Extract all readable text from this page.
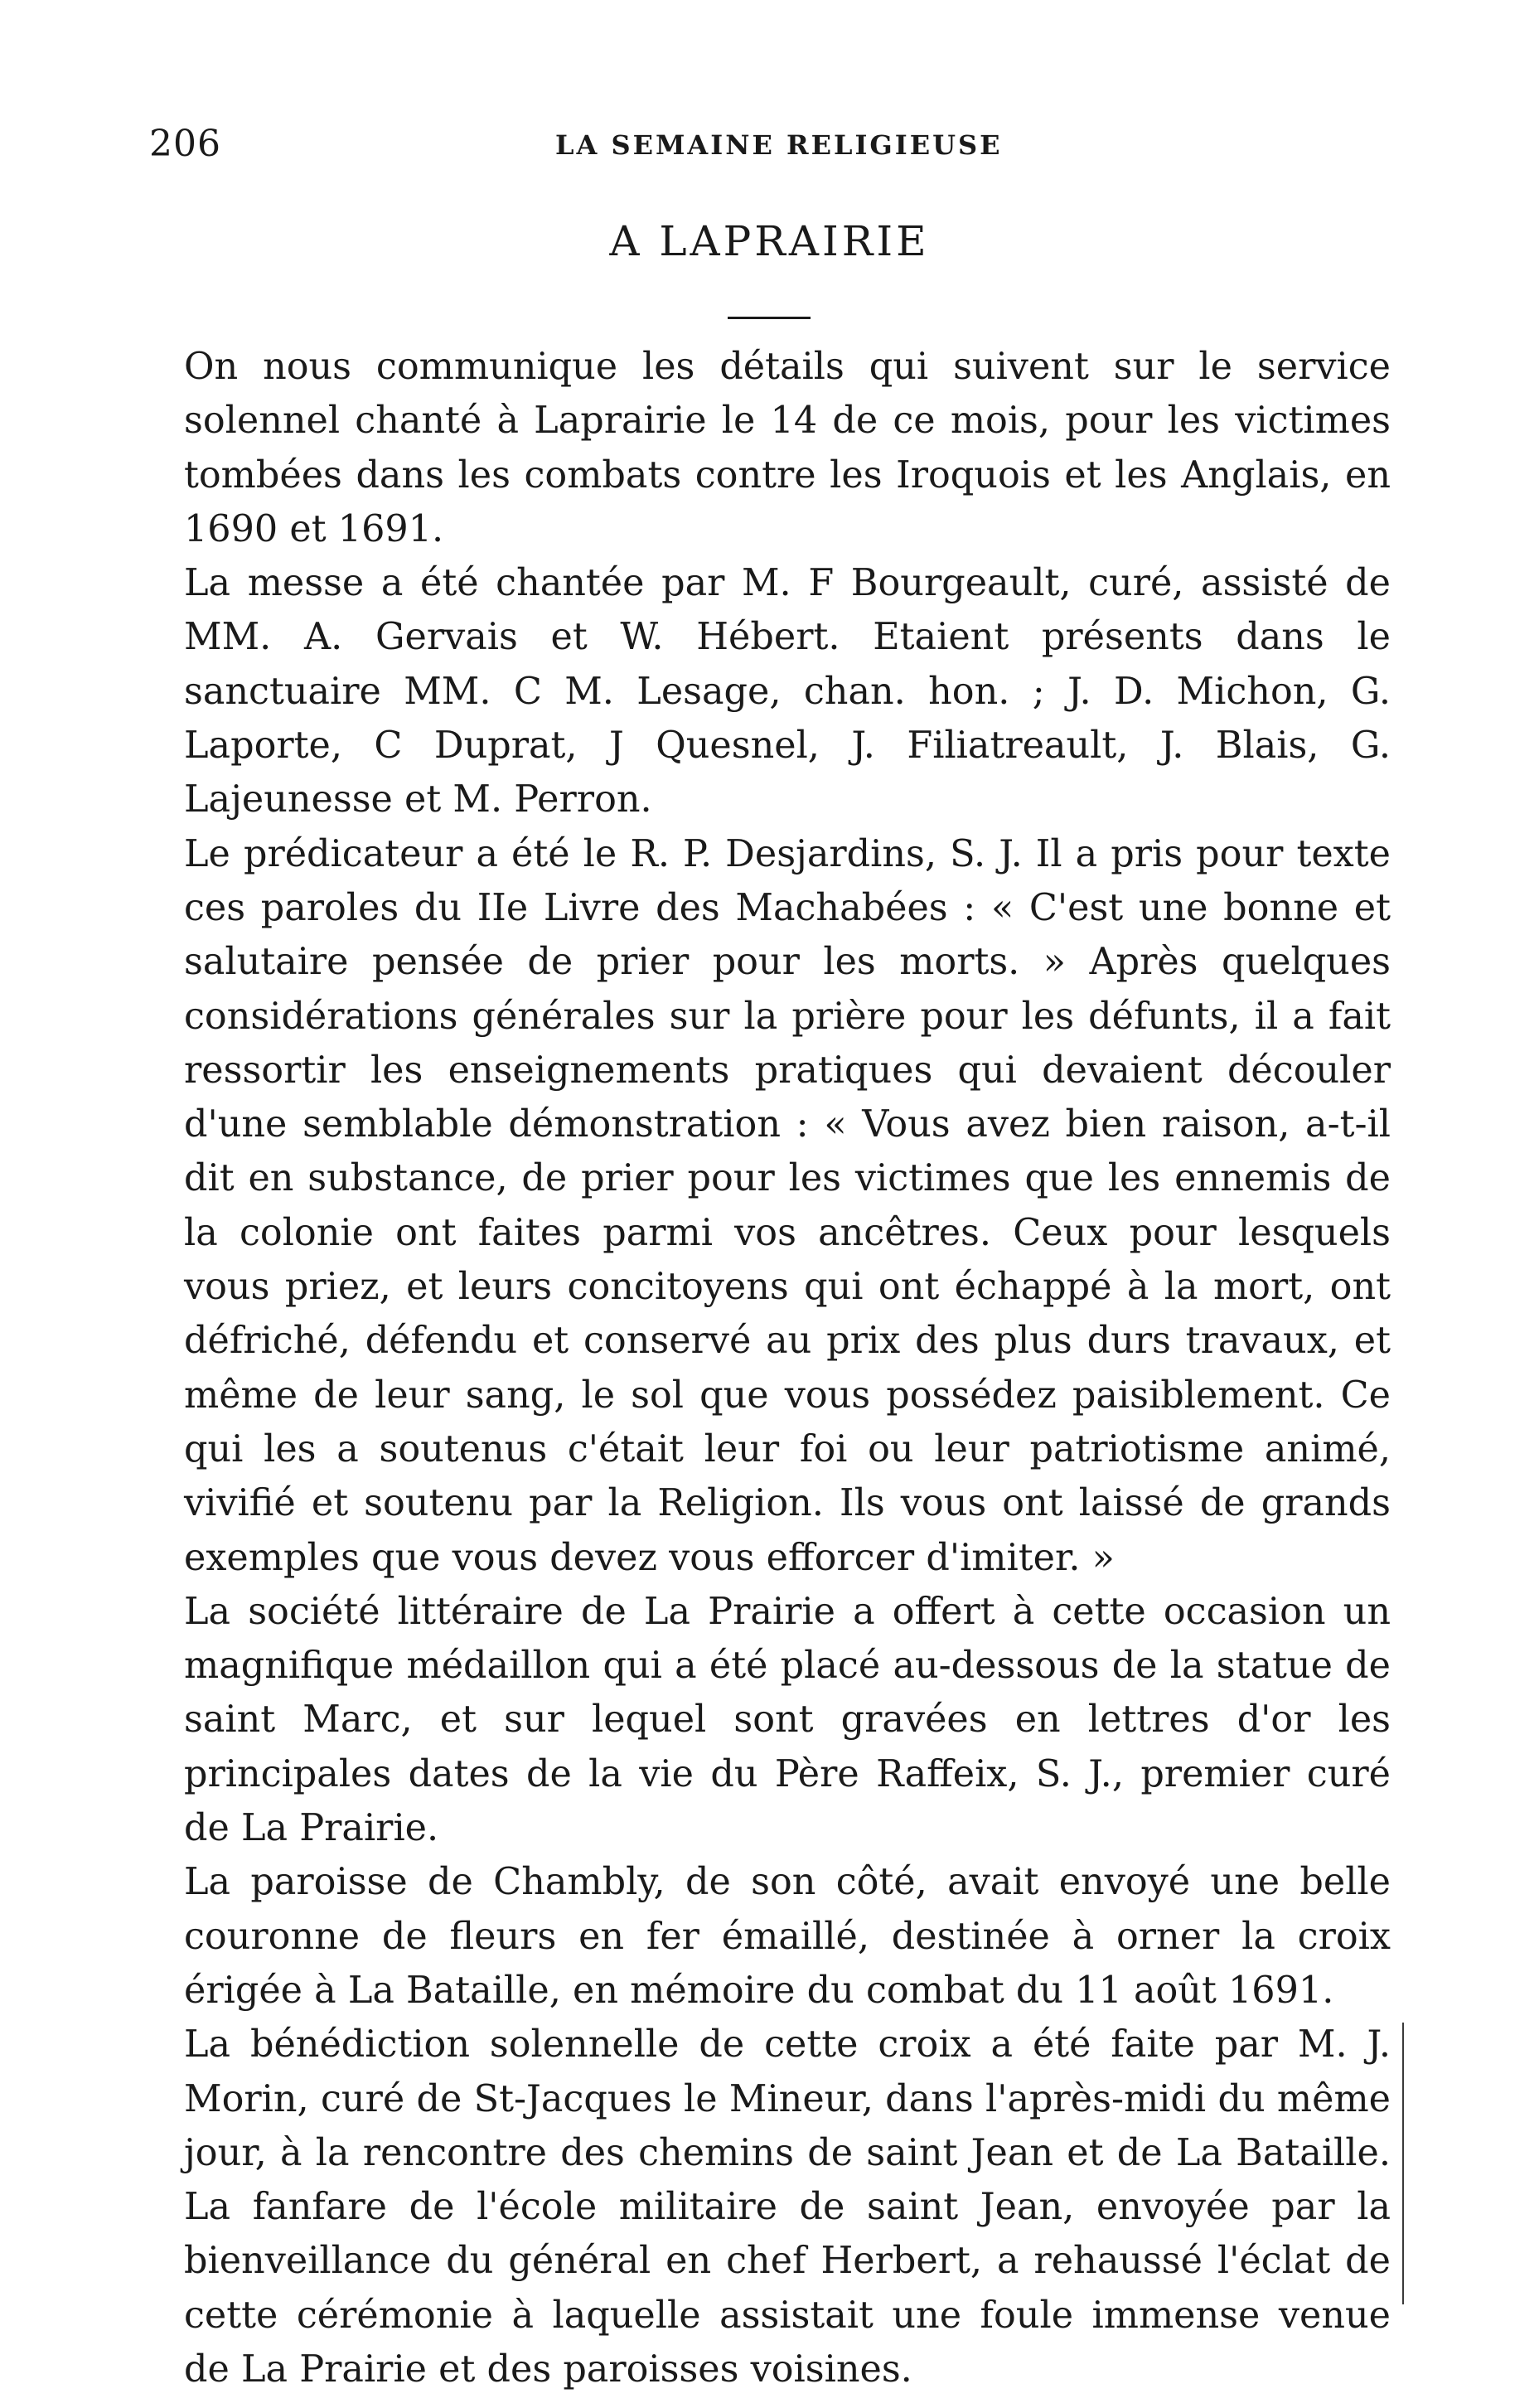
206	LA SEMAINE RELIGIEUSE
A LAPRAIRIE

On nous communique les détails qui suivent sur le service solennel chanté à Laprairie le 14 de ce mois, pour les victimes tombées dans les combats contre les Iroquois et les Anglais, en 1690 et 1691.

La messe a été chantée par M. F Bourgeault, curé, assisté de MM. A. Gervais et W. Hébert. Etaient présents dans le sanctuaire MM. C M. Lesage, chan. hon. ; J. D. Michon, G. Laporte, C Duprat, J Quesnel, J. Filiatreault, J. Blais, G. Lajeunesse et M. Perron.

Le prédicateur a été le R. P. Desjardins, S. J. Il a pris pour texte ces paroles du IIe Livre des Machabées : « C'est une bonne et salutaire pensée de prier pour les morts. » Après quelques considérations générales sur la prière pour les défunts, il a fait ressortir les enseignements pratiques qui devaient découler d'une semblable démonstration : « Vous avez bien raison, a-t-il dit en substance, de prier pour les victimes que les ennemis de la colonie ont faites parmi vos ancêtres. Ceux pour lesquels vous priez, et leurs concitoyens qui ont échappé à la mort, ont défriché, défendu et conservé au prix des plus durs travaux, et même de leur sang, le sol que vous possédez paisiblement. Ce qui les a soutenus c'était leur foi ou leur patriotisme animé, vivifié et soutenu par la Religion. Ils vous ont laissé de grands exemples que vous devez vous efforcer d'imiter. »

La société littéraire de La Prairie a offert à cette occasion un magnifique médaillon qui a été placé au-dessous de la statue de saint Marc, et sur lequel sont gravées en lettres d'or les principales dates de la vie du Père Raffeix, S. J., premier curé de La Prairie.

La paroisse de Chambly, de son côté, avait envoyé une belle couronne de fleurs en fer émaillé, destinée à orner la croix érigée à La Bataille, en mémoire du combat du 11 août 1691.

La bénédiction solennelle de cette croix a été faite par M. J. Morin, curé de St-Jacques le Mineur, dans l'après-midi du même jour, à la rencontre des chemins de saint Jean et de La Bataille. La fanfare de l'école militaire de saint Jean, envoyée par la bienveillance du général en chef Herbert, a rehaussé l'éclat de cette cérémonie à laquelle assistait une foule immense venue de La Prairie et des paroisses voisines.
